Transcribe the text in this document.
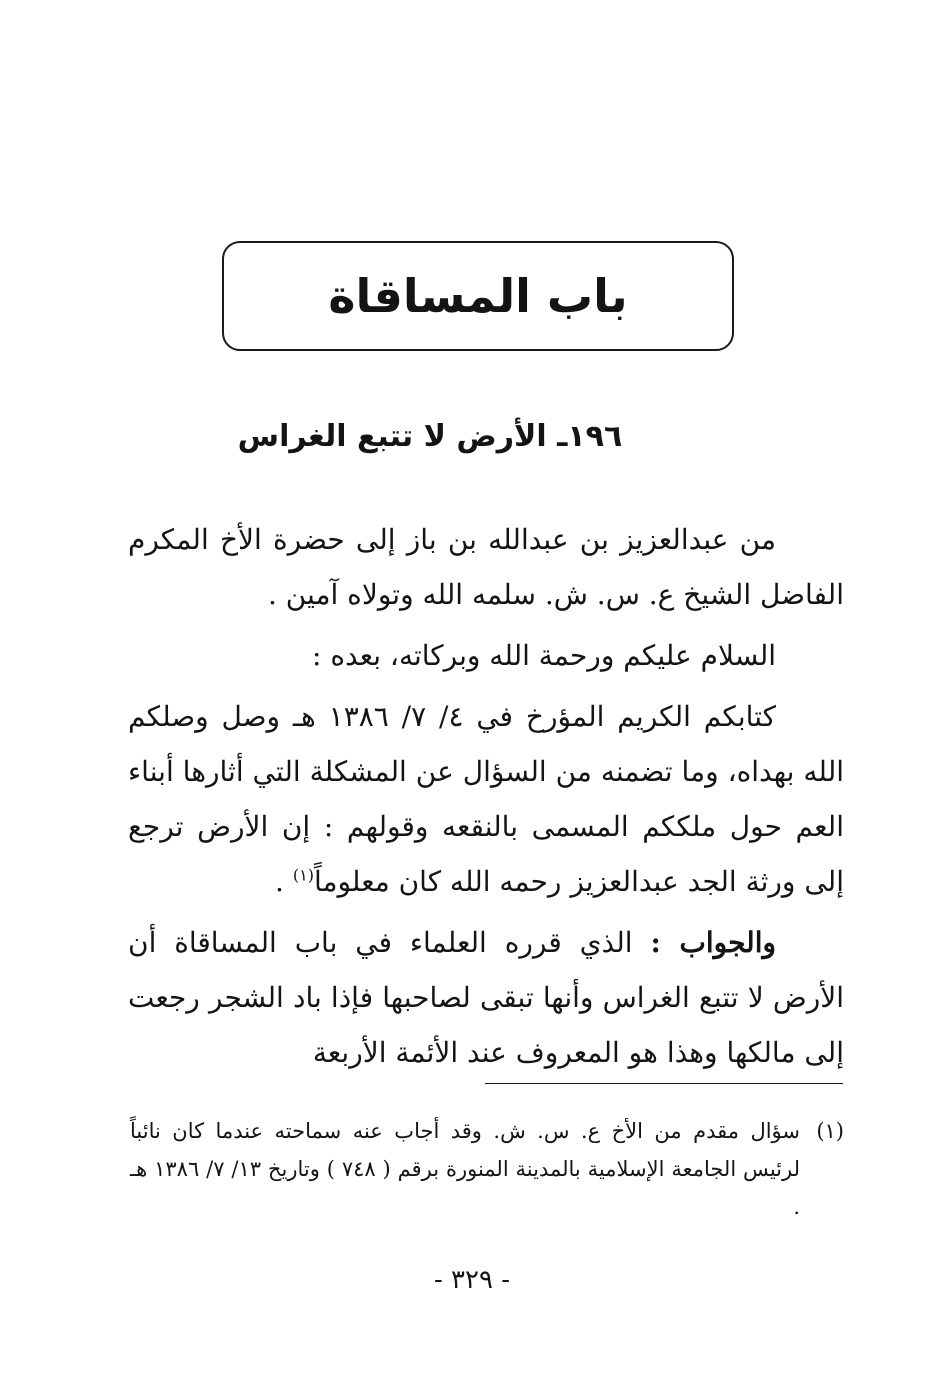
باب المساقاة
١٩٦ـ الأرض لا تتبع الغراس

من عبدالعزيز بن عبدالله بن باز إلى حضرة الأخ المكرم الفاضل الشيخ ع. س. ش. سلمه الله وتولاه آمين .

السلام عليكم ورحمة الله وبركاته، بعده :

كتابكم الكريم المؤرخ في ٤/ ٧/ ١٣٨٦ هـ وصل وصلكم الله بهداه، وما تضمنه من السؤال عن المشكلة التي أثارها أبناء العم حول ملككم المسمى بالنقعه وقولهم : إن الأرض ترجع إلى ورثة الجد عبدالعزيز رحمه الله كان معلوماً$^{(١)}$ .

والجواب : الذي قرره العلماء في باب المساقاة أن الأرض لا تتبع الغراس وأنها تبقى لصاحبها فإذا باد الشجر رجعت إلى مالكها وهذا هو المعروف عند الأئمة الأربعة

(١)
سؤال مقدم من الأخ ع. س. ش. وقد أجاب عنه سماحته عندما كان نائباً لرئيس الجامعة الإسلامية بالمدينة المنورة برقم ( ٧٤٨ ) وتاريخ ١٣/ ٧/ ١٣٨٦ هـ .
- ٣٢٩ -
